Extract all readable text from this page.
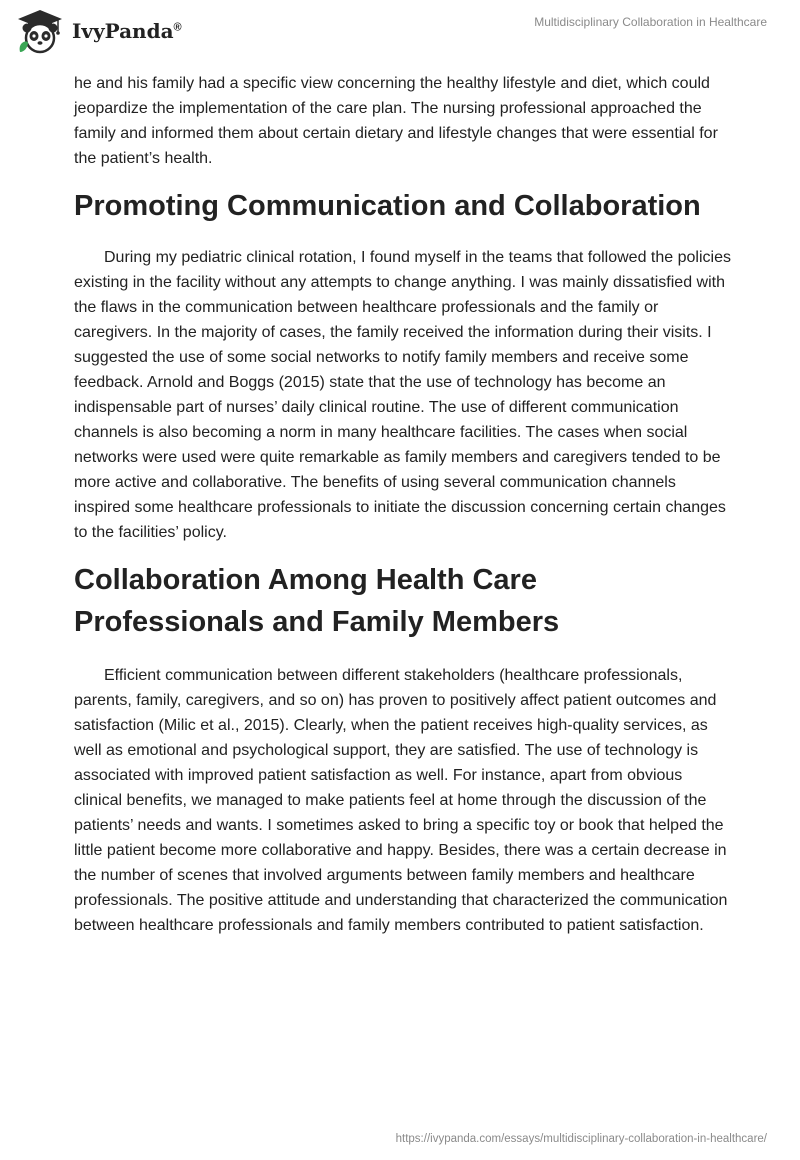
IvyPanda®	Multidisciplinary Collaboration in Healthcare

he and his family had a specific view concerning the healthy lifestyle and diet, which could jeopardize the implementation of the care plan. The nursing professional approached the family and informed them about certain dietary and lifestyle changes that were essential for the patient’s health.

Promoting Communication and Collaboration

During my pediatric clinical rotation, I found myself in the teams that followed the policies existing in the facility without any attempts to change anything. I was mainly dissatisfied with the flaws in the communication between healthcare professionals and the family or caregivers. In the majority of cases, the family received the information during their visits. I suggested the use of some social networks to notify family members and receive some feedback. Arnold and Boggs (2015) state that the use of technology has become an indispensable part of nurses’ daily clinical routine. The use of different communication channels is also becoming a norm in many healthcare facilities. The cases when social networks were used were quite remarkable as family members and caregivers tended to be more active and collaborative. The benefits of using several communication channels inspired some healthcare professionals to initiate the discussion concerning certain changes to the facilities’ policy.

Collaboration Among Health Care Professionals and Family Members

Efficient communication between different stakeholders (healthcare professionals, parents, family, caregivers, and so on) has proven to positively affect patient outcomes and satisfaction (Milic et al., 2015). Clearly, when the patient receives high-quality services, as well as emotional and psychological support, they are satisfied. The use of technology is associated with improved patient satisfaction as well. For instance, apart from obvious clinical benefits, we managed to make patients feel at home through the discussion of the patients’ needs and wants. I sometimes asked to bring a specific toy or book that helped the little patient become more collaborative and happy. Besides, there was a certain decrease in the number of scenes that involved arguments between family members and healthcare professionals. The positive attitude and understanding that characterized the communication between healthcare professionals and family members contributed to patient satisfaction.

https://ivypanda.com/essays/multidisciplinary-collaboration-in-healthcare/
